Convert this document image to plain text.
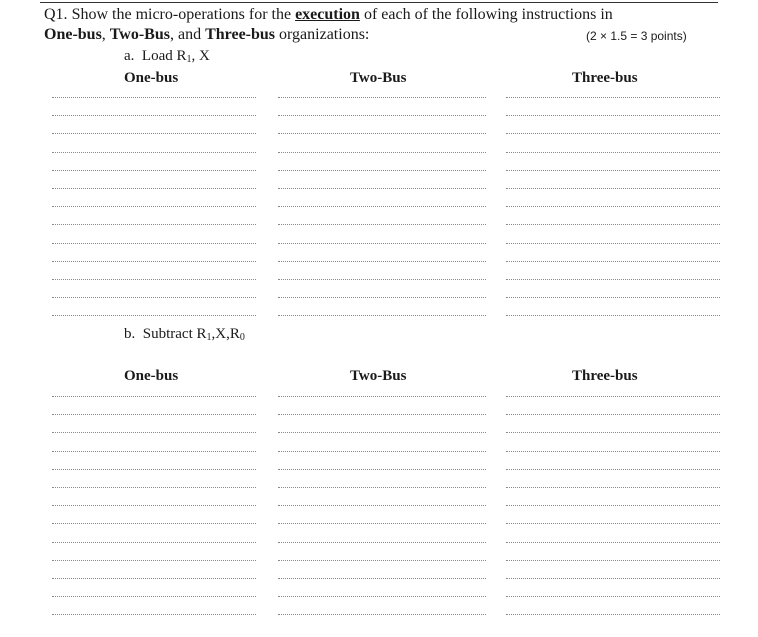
Q1. Show the micro-operations for the execution of each of the following instructions in
One-bus, Two-Bus, and Three-bus organizations:	(2 × 1.5 = 3 points)
a. Load $R_1$, X
One-bus	Two-Bus	Three-bus
b. Subtract $R_1,X,R_0$
One-bus	Two-Bus	Three-bus
